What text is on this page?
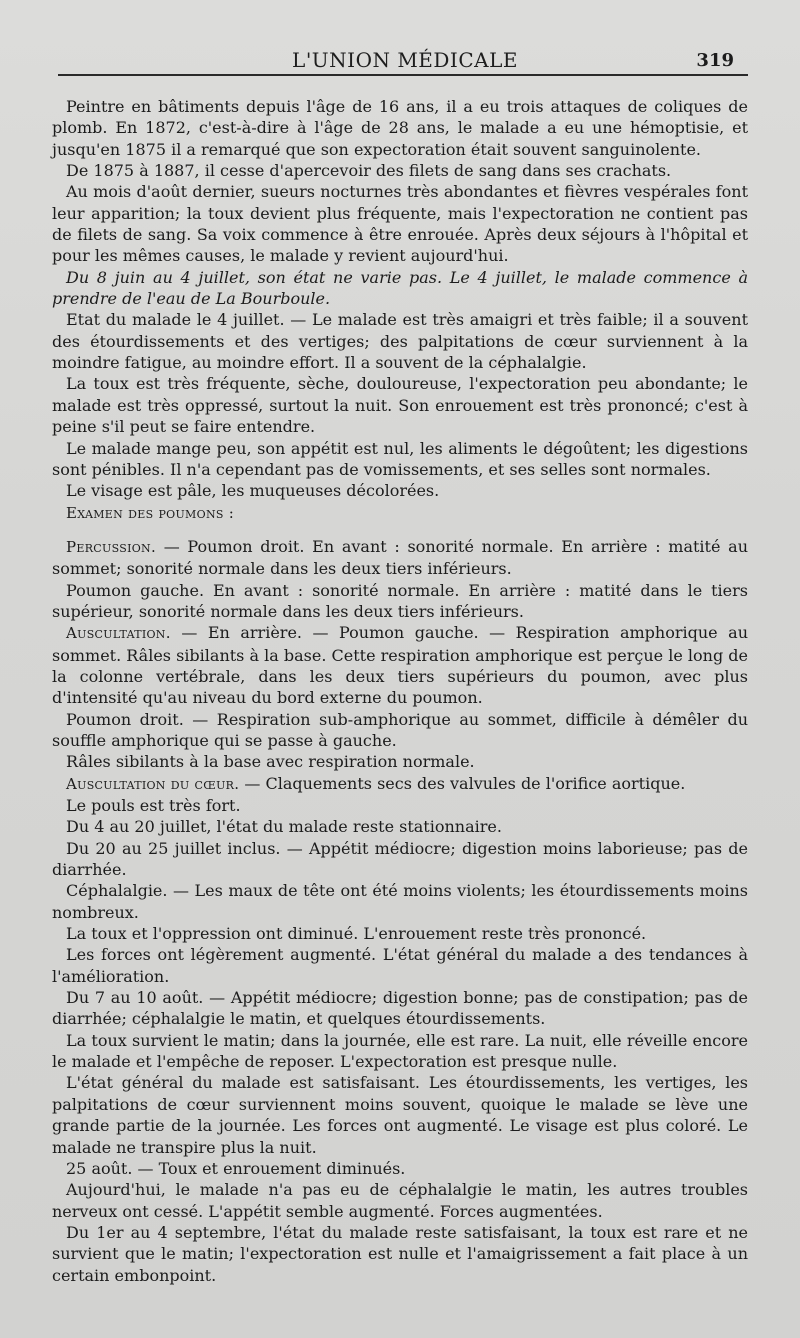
L'UNION MÉDICALE	319

Peintre en bâtiments depuis l'âge de 16 ans, il a eu trois attaques de coliques de plomb. En 1872, c'est-à-dire à l'âge de 28 ans, le malade a eu une hémoptisie, et jusqu'en 1875 il a remarqué que son expectoration était souvent sanguinolente.

De 1875 à 1887, il cesse d'apercevoir des filets de sang dans ses crachats.

Au mois d'août dernier, sueurs nocturnes très abondantes et fièvres vespérales font leur apparition; la toux devient plus fréquente, mais l'expectoration ne contient pas de filets de sang. Sa voix commence à être enrouée. Après deux séjours à l'hôpital et pour les mêmes causes, le malade y revient aujourd'hui.

Du 8 juin au 4 juillet, son état ne varie pas. Le 4 juillet, le malade commence à prendre de l'eau de La Bourboule.

Etat du malade le 4 juillet. — Le malade est très amaigri et très faible; il a souvent des étourdissements et des vertiges; des palpitations de cœur surviennent à la moindre fatigue, au moindre effort. Il a souvent de la céphalalgie.

La toux est très fréquente, sèche, douloureuse, l'expectoration peu abondante; le malade est très oppressé, surtout la nuit. Son enrouement est très prononcé; c'est à peine s'il peut se faire entendre.

Le malade mange peu, son appétit est nul, les aliments le dégoûtent; les digestions sont pénibles. Il n'a cependant pas de vomissements, et ses selles sont normales.

Le visage est pâle, les muqueuses décolorées.

Examen des poumons :

Percussion. — Poumon droit. En avant : sonorité normale. En arrière : matité au sommet; sonorité normale dans les deux tiers inférieurs.

Poumon gauche. En avant : sonorité normale. En arrière : matité dans le tiers supérieur, sonorité normale dans les deux tiers inférieurs.

Auscultation. — En arrière. — Poumon gauche. — Respiration amphorique au sommet. Râles sibilants à la base. Cette respiration amphorique est perçue le long de la colonne vertébrale, dans les deux tiers supérieurs du poumon, avec plus d'intensité qu'au niveau du bord externe du poumon.

Poumon droit. — Respiration sub-amphorique au sommet, difficile à démêler du souffle amphorique qui se passe à gauche.

Râles sibilants à la base avec respiration normale.

Auscultation du cœur. — Claquements secs des valvules de l'orifice aortique.

Le pouls est très fort.

Du 4 au 20 juillet, l'état du malade reste stationnaire.

Du 20 au 25 juillet inclus. — Appétit médiocre; digestion moins laborieuse; pas de diarrhée.

Céphalalgie. — Les maux de tête ont été moins violents; les étourdissements moins nombreux.

La toux et l'oppression ont diminué. L'enrouement reste très prononcé.

Les forces ont légèrement augmenté. L'état général du malade a des tendances à l'amélioration.

Du 7 au 10 août. — Appétit médiocre; digestion bonne; pas de constipation; pas de diarrhée; céphalalgie le matin, et quelques étourdissements.

La toux survient le matin; dans la journée, elle est rare. La nuit, elle réveille encore le malade et l'empêche de reposer. L'expectoration est presque nulle.

L'état général du malade est satisfaisant. Les étourdissements, les vertiges, les palpitations de cœur surviennent moins souvent, quoique le malade se lève une grande partie de la journée. Les forces ont augmenté. Le visage est plus coloré. Le malade ne transpire plus la nuit.

25 août. — Toux et enrouement diminués.

Aujourd'hui, le malade n'a pas eu de céphalalgie le matin, les autres troubles nerveux ont cessé. L'appétit semble augmenté. Forces augmentées.

Du 1er au 4 septembre, l'état du malade reste satisfaisant, la toux est rare et ne survient que le matin; l'expectoration est nulle et l'amaigrissement a fait place à un certain embonpoint.
